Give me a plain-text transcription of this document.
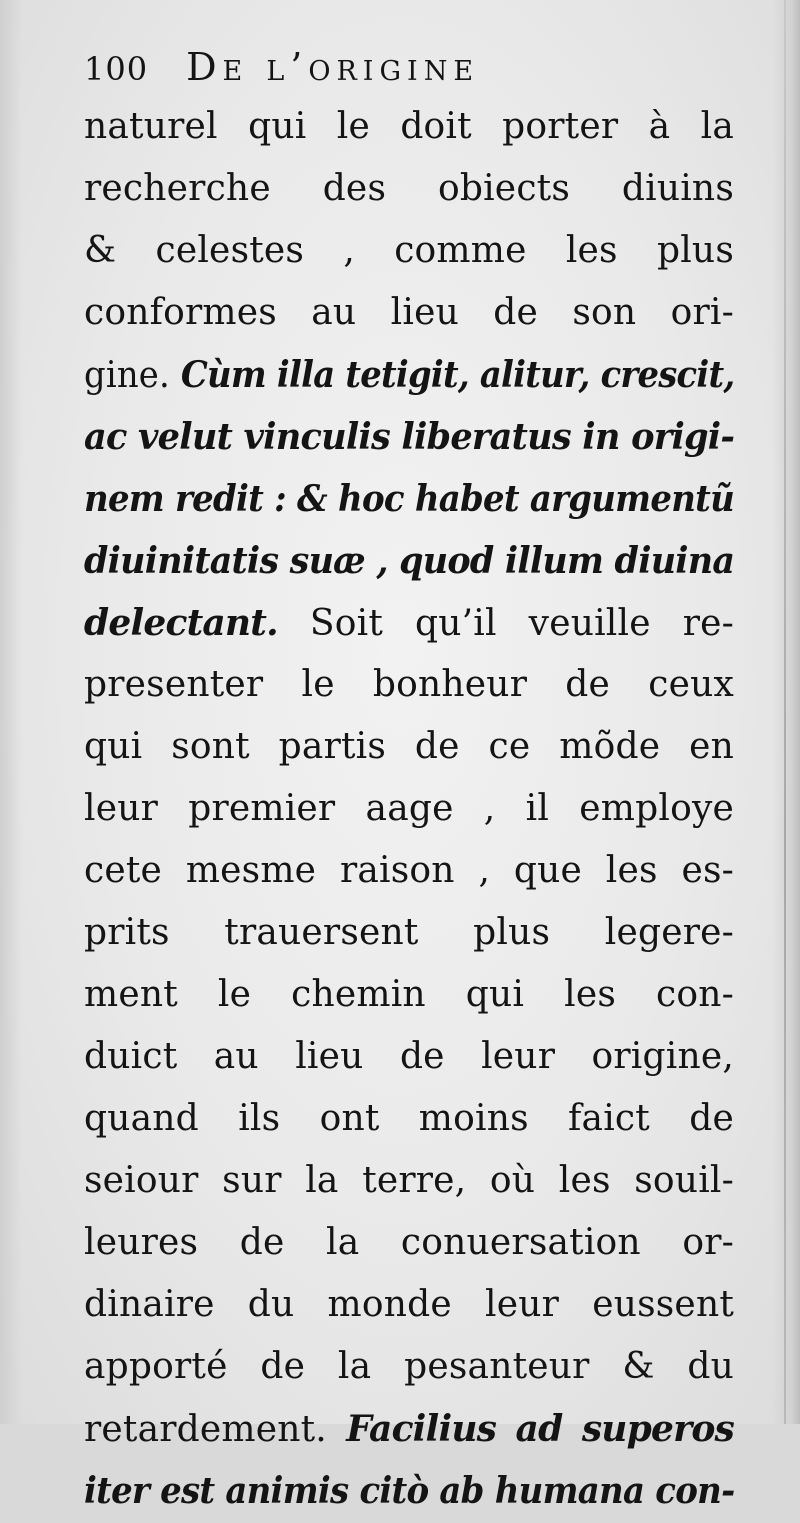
100 De l’origine
naturel qui le doit porter à la
recherche des obiects diuins
& celestes , comme les plus
conformes au lieu de son ori-
gine. Cùm illa tetigit, alitur, crescit,
ac velut vinculis liberatus in origi-
nem redit : & hoc habet argumentũ
diuinitatis suæ , quod illum diuina
delectant. Soit qu’il veuille re-
presenter le bonheur de ceux
qui sont partis de ce mõde en
leur premier aage , il employe
cete mesme raison , que les es-
prits trauersent plus legere-
ment le chemin qui les con-
duict au lieu de leur origine,
quand ils ont moins faict de
seiour sur la terre, où les souil-
leures de la conuersation or-
dinaire du monde leur eussent
apporté de la pesanteur & du
retardement. Facilius ad superos
iter est animis citò ab humana con-
